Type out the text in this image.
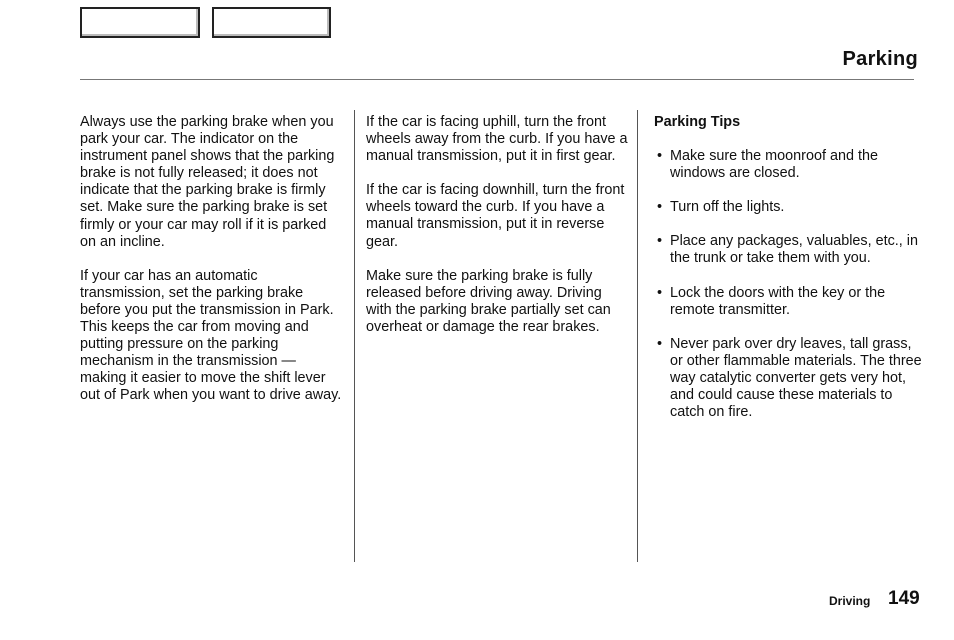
Parking

Always use the parking brake when you park your car. The indicator on the instrument panel shows that the parking brake is not fully released; it does not indicate that the parking brake is firmly set. Make sure the parking brake is set firmly or your car may roll if it is parked on an incline.

If your car has an automatic transmission, set the parking brake before you put the transmission in Park. This keeps the car from moving and putting pressure on the parking mechanism in the transmission — making it easier to move the shift lever out of Park when you want to drive away.

If the car is facing uphill, turn the front wheels away from the curb. If you have a manual transmission, put it in first gear.

If the car is facing downhill, turn the front wheels toward the curb. If you have a manual transmission, put it in reverse gear.

Make sure the parking brake is fully released before driving away. Driving with the parking brake partially set can overheat or damage the rear brakes.

Parking Tips

• Make sure the moonroof and the windows are closed.
• Turn off the lights.
• Place any packages, valuables, etc., in the trunk or take them with you.
• Lock the doors with the key or the remote transmitter.
• Never park over dry leaves, tall grass, or other flammable materials. The three way catalytic converter gets very hot, and could cause these materials to catch on fire.
Driving 149
